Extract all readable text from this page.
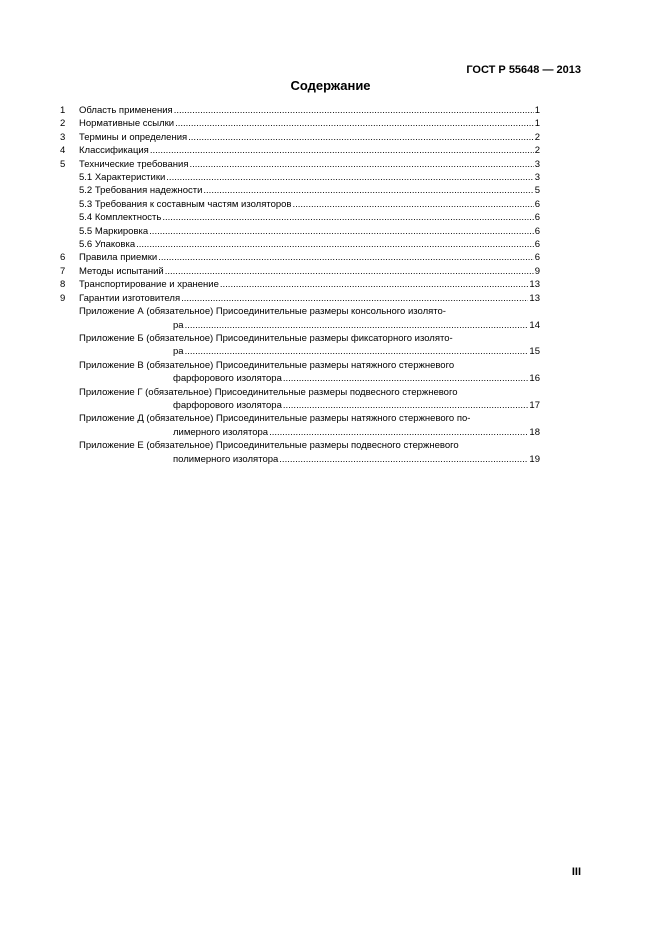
ГОСТ Р 55648 — 2013
Содержание
1	Область применения .....	1
2	Нормативные ссылки .....	1
3	Термины и определения .....	2
4	Классификация .....	2
5	Технические требования .....	3
5.1 Характеристики .....	3
5.2 Требования надежности .....	5
5.3 Требования к составным частям изоляторов .....	6
5.4 Комплектность .....	6
5.5 Маркировка .....	6
5.6 Упаковка .....	6
6	Правила приемки .....	6
7	Методы испытаний .....	9
8	Транспортирование и хранение .....	13
9	Гарантии изготовителя .....	13
Приложение А (обязательное) Присоединительные размеры консольного изолято-
ра .....	14
Приложение Б (обязательное) Присоединительные размеры фиксаторного изолято-
ра .....	15
Приложение В (обязательное) Присоединительные размеры натяжного стержневого
фарфорового изолятора .....	16
Приложение Г (обязательное) Присоединительные размеры подвесного стержневого
фарфорового изолятора .....	17
Приложение Д (обязательное) Присоединительные размеры натяжного стержневого по-
лимерного изолятора .....	18
Приложение Е (обязательное) Присоединительные размеры подвесного стержневого
полимерного изолятора .....	19
III
